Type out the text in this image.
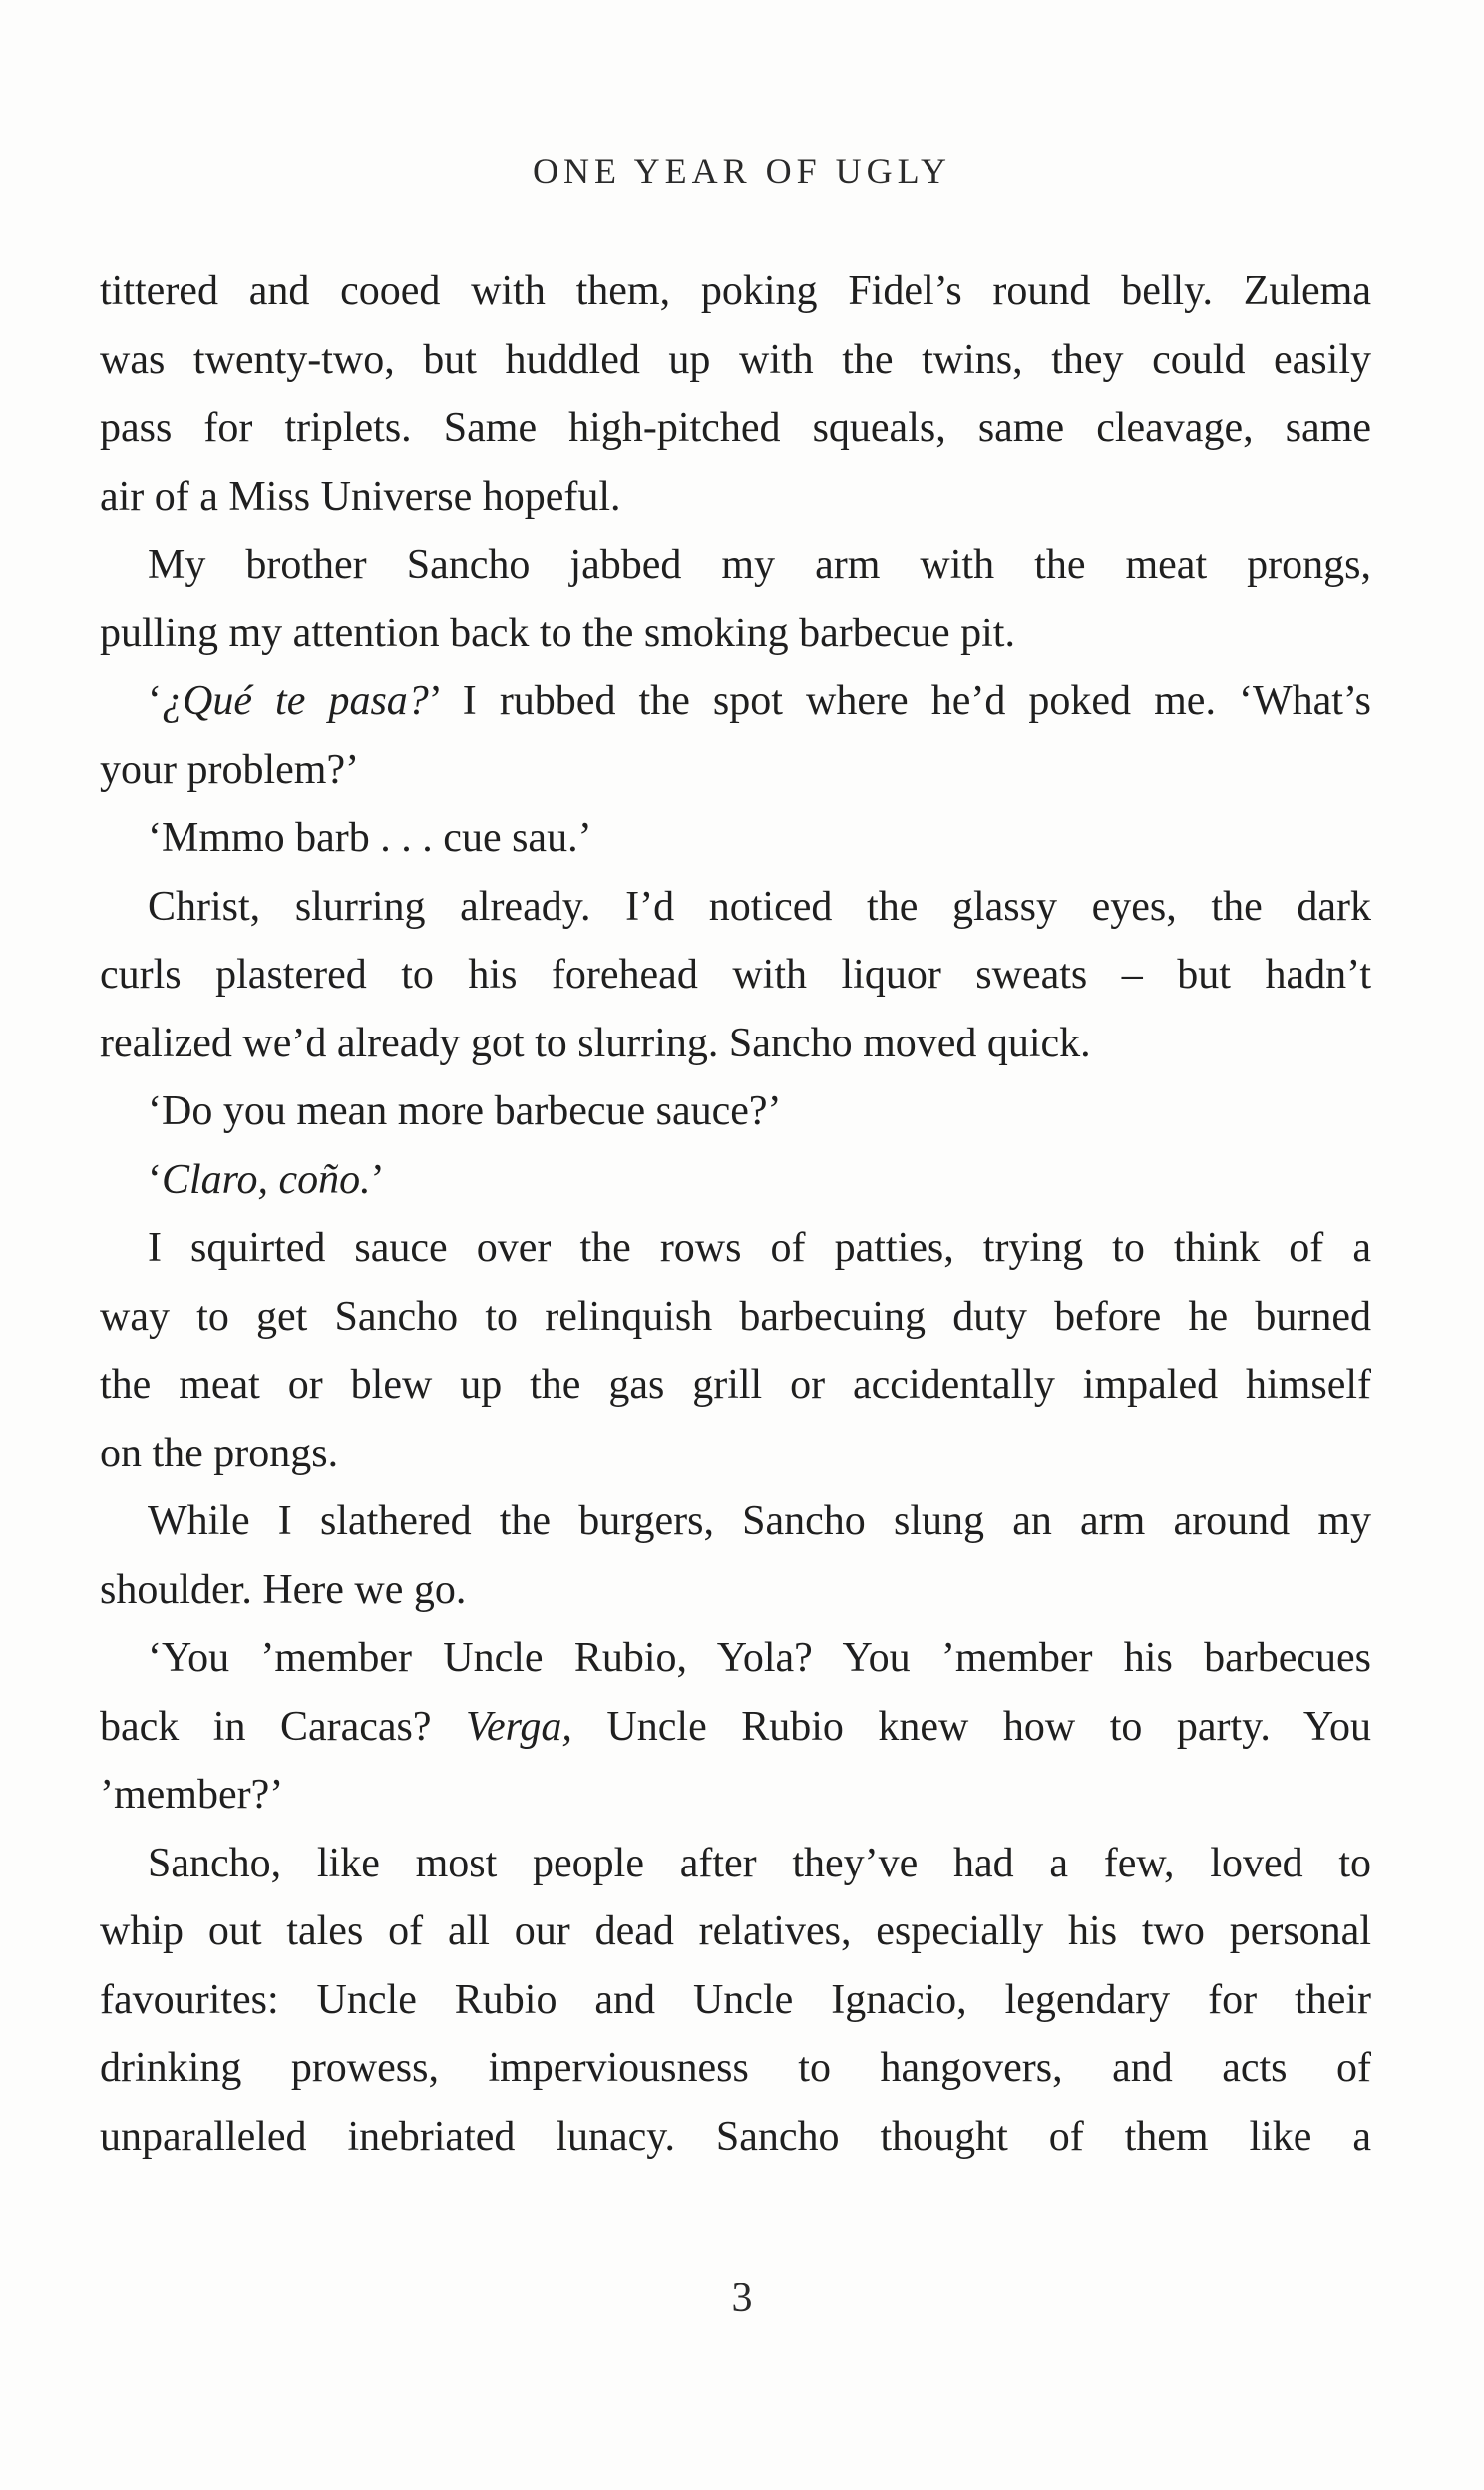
ONE YEAR OF UGLY
tittered and cooed with them, poking Fidel’s round belly. Zulema
was twenty-two, but huddled up with the twins, they could easily
pass for triplets. Same high-pitched squeals, same cleavage, same
air of a Miss Universe hopeful.
My brother Sancho jabbed my arm with the meat prongs,
pulling my attention back to the smoking barbecue pit.
‘¿Qué te pasa?’ I rubbed the spot where he’d poked me. ‘What’s
your problem?’
‘Mmmo barb . . . cue sau.’
Christ, slurring already. I’d noticed the glassy eyes, the dark
curls plastered to his forehead with liquor sweats – but hadn’t
realized we’d already got to slurring. Sancho moved quick.
‘Do you mean more barbecue sauce?’
‘Claro, coño.’
I squirted sauce over the rows of patties, trying to think of a
way to get Sancho to relinquish barbecuing duty before he burned
the meat or blew up the gas grill or accidentally impaled himself
on the prongs.
While I slathered the burgers, Sancho slung an arm around my
shoulder. Here we go.
‘You ’member Uncle Rubio, Yola? You ’member his barbecues
back in Caracas? Verga, Uncle Rubio knew how to party. You
’member?’
Sancho, like most people after they’ve had a few, loved to
whip out tales of all our dead relatives, especially his two personal
favourites: Uncle Rubio and Uncle Ignacio, legendary for their
drinking prowess, imperviousness to hangovers, and acts of
unparalleled inebriated lunacy. Sancho thought of them like a
3
